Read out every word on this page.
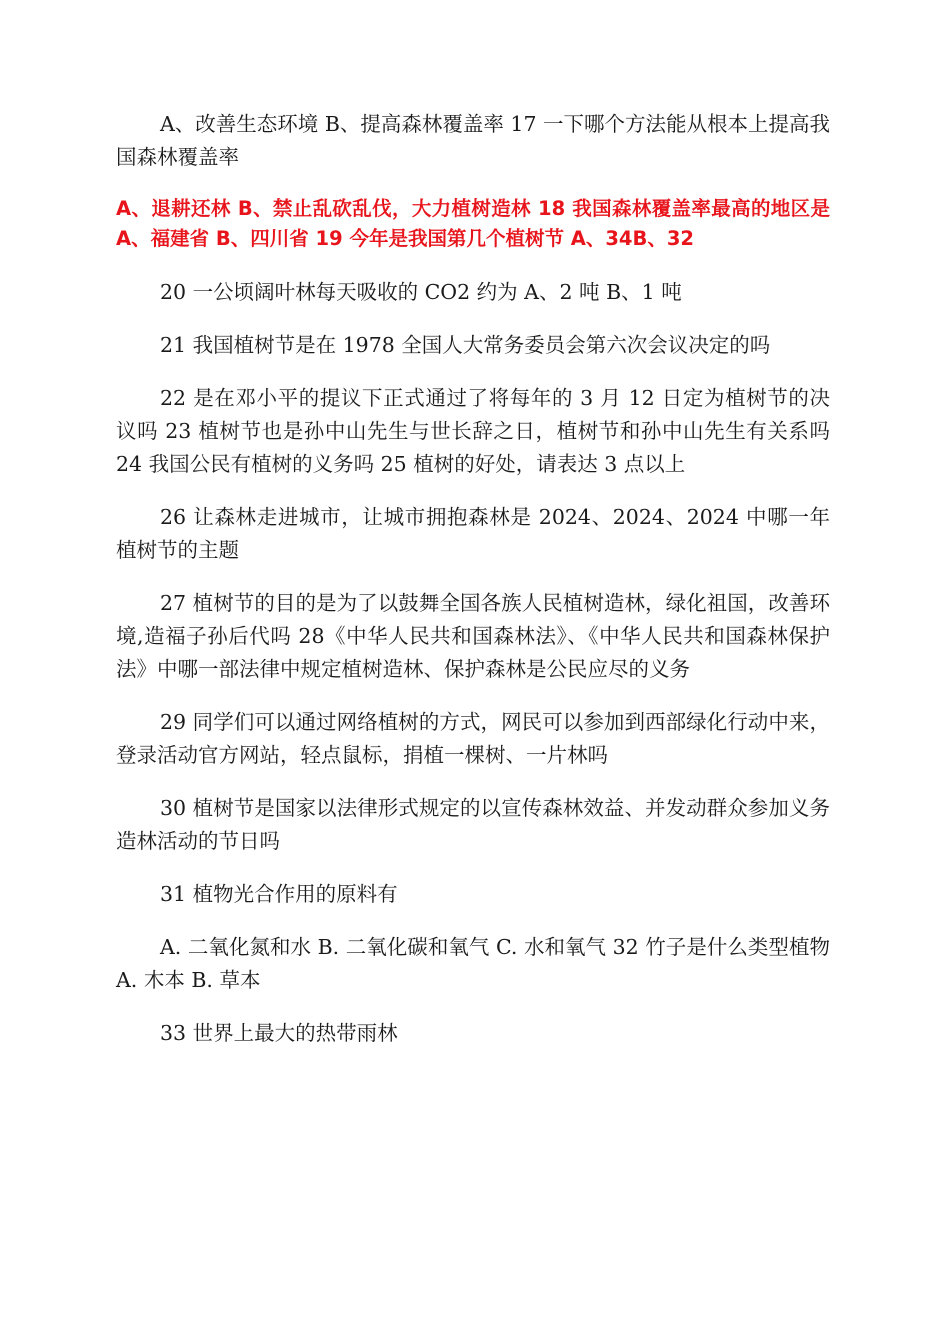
A、改善生态环境 B、提高森林覆盖率 17 一下哪个方法能从根本上提高我国森林覆盖率

A、退耕还林 B、禁止乱砍乱伐，大力植树造林 18 我国森林覆盖率最高的地区是 A、福建省 B、四川省 19 今年是我国第几个植树节 A、34B、32

20 一公顷阔叶林每天吸收的 CO2 约为 A、2 吨 B、1 吨

21 我国植树节是在 1978 全国人大常务委员会第六次会议决定的吗

22 是在邓小平的提议下正式通过了将每年的 3 月 12 日定为植树节的决议吗 23 植树节也是孙中山先生与世长辞之日，植树节和孙中山先生有关系吗 24 我国公民有植树的义务吗 25 植树的好处，请表达 3 点以上

26 让森林走进城市，让城市拥抱森林是 2024、2024、2024 中哪一年植树节的主题

27 植树节的目的是为了以鼓舞全国各族人民植树造林，绿化祖国，改善环境,造福子孙后代吗 28《中华人民共和国森林法》、《中华人民共和国森林保护法》中哪一部法律中规定植树造林、保护森林是公民应尽的义务

29 同学们可以通过网络植树的方式，网民可以参加到西部绿化行动中来，登录活动官方网站，轻点鼠标，捐植一棵树、一片林吗

30 植树节是国家以法律形式规定的以宣传森林效益、并发动群众参加义务造林活动的节日吗

31 植物光合作用的原料有

A. 二氧化氮和水 B. 二氧化碳和氧气 C. 水和氧气 32 竹子是什么类型植物 A. 木本 B. 草本

33 世界上最大的热带雨林
